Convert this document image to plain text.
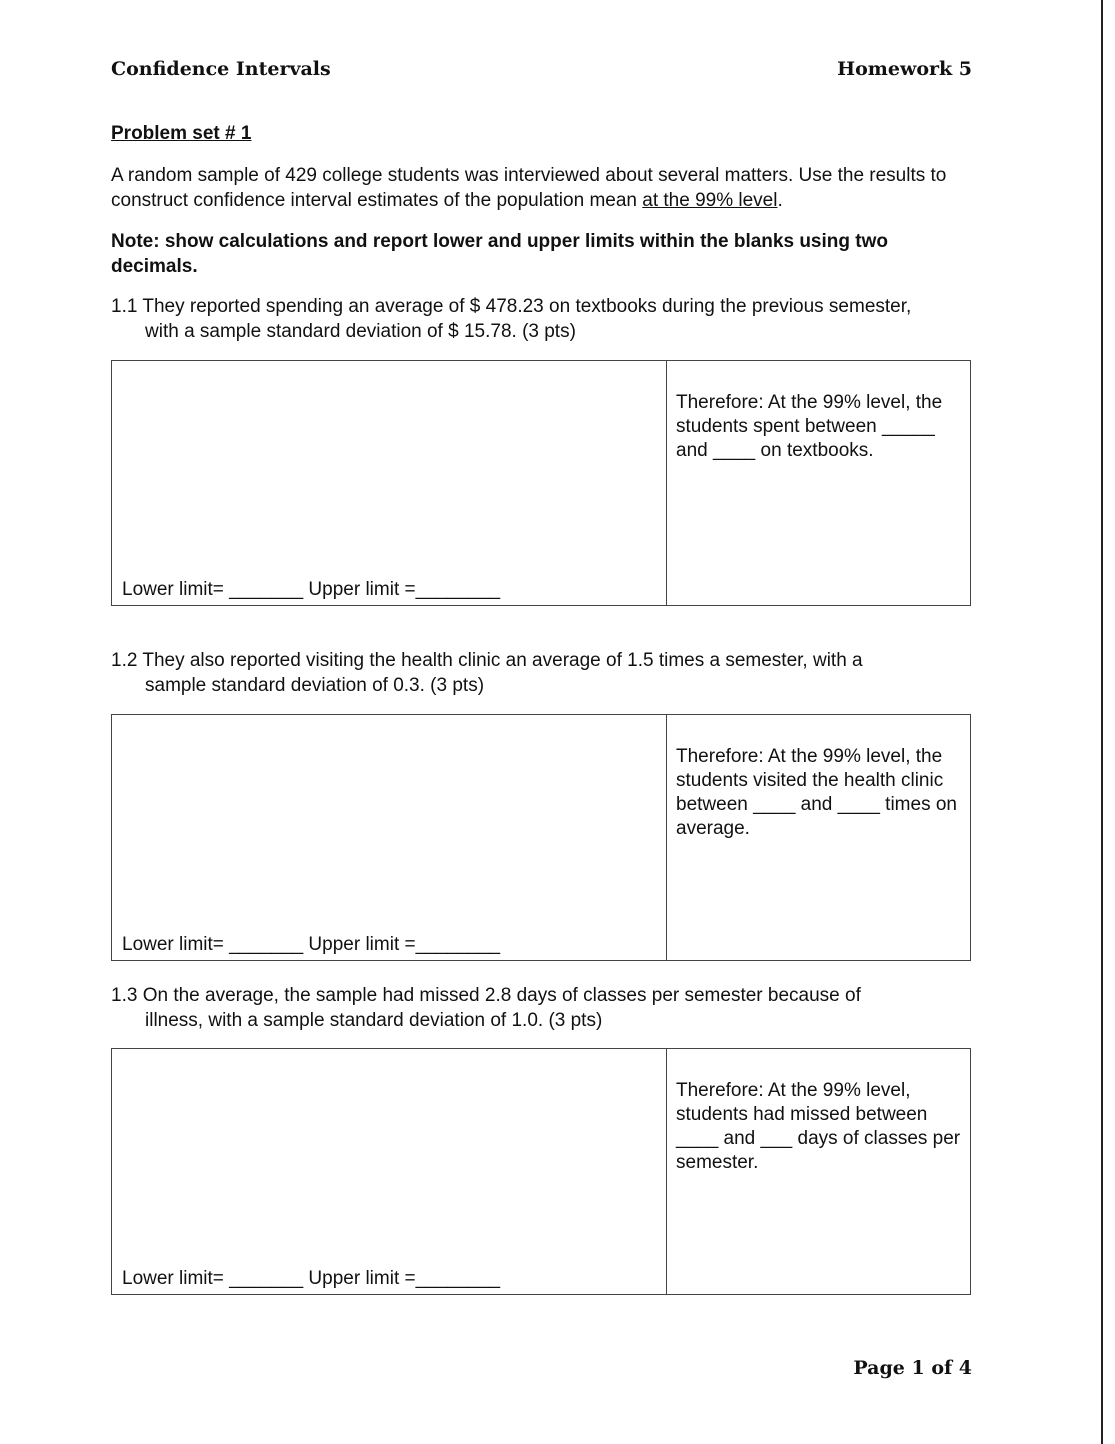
Confidence Intervals	Homework 5
Problem set # 1
A random sample of 429 college students was interviewed about several matters. Use the results to construct confidence interval estimates of the population mean at the 99% level.
Note: show calculations and report lower and upper limits within the blanks using two decimals.
1.1 They reported spending an average of $ 478.23 on textbooks during the previous semester,
with a sample standard deviation of $ 15.78. (3 pts)
Therefore: At the 99% level, the students spent between _____ and ____ on textbooks.
Lower limit= _______ Upper limit =________
1.2 They also reported visiting the health clinic an average of 1.5 times a semester, with a
sample standard deviation of 0.3. (3 pts)
Therefore: At the 99% level, the students visited the health clinic between ____ and ____ times on average.
Lower limit= _______ Upper limit =________
1.3 On the average, the sample had missed 2.8 days of classes per semester because of
illness, with a sample standard deviation of 1.0. (3 pts)
Therefore: At the 99% level, students had missed between ____ and ___ days of classes per semester.
Lower limit= _______ Upper limit =________
Page 1 of 4
